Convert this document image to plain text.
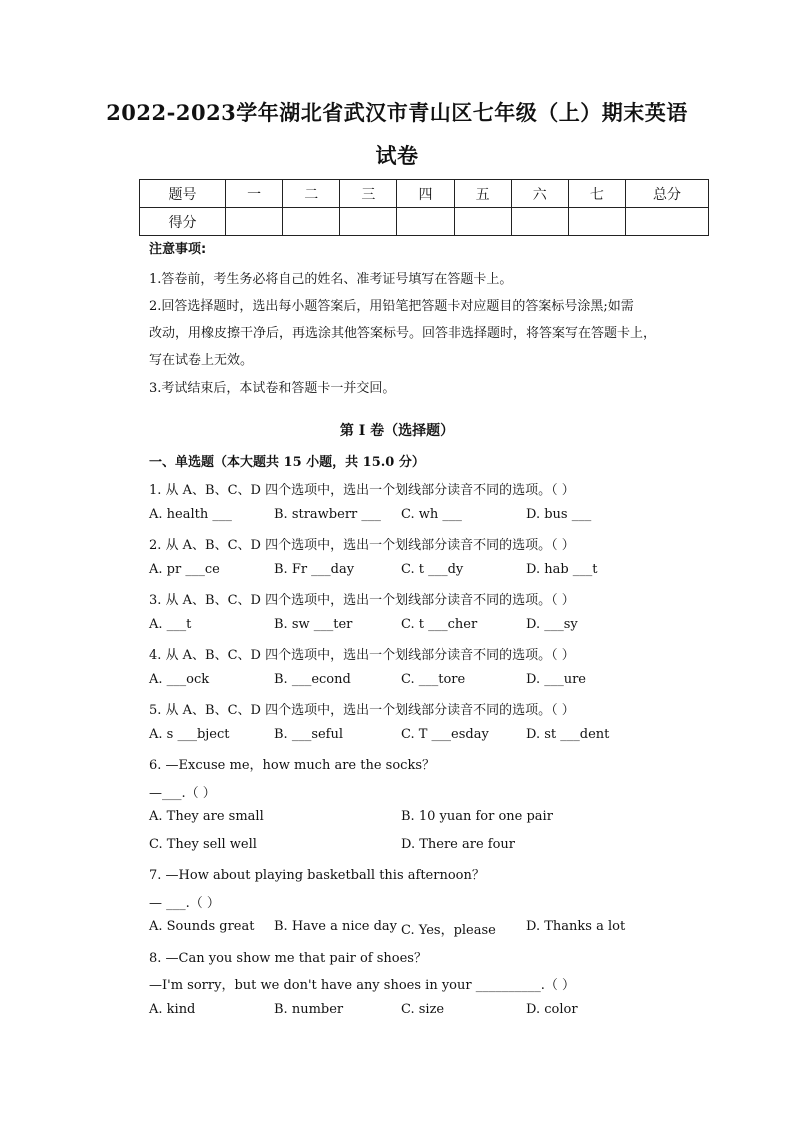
2022-2023学年湖北省武汉市青山区七年级（上）期末英语
试卷
题号	一	二	三	四	五	六	七	总分
得分								
注意事项:
1.答卷前，考生务必将自己的姓名、准考证号填写在答题卡上。
2.回答选择题时，选出每小题答案后，用铅笔把答题卡对应题目的答案标号涂黑;如需
改动，用橡皮擦干净后，再选涂其他答案标号。回答非选择题时，将答案写在答题卡上，
写在试卷上无效。
3.考试结束后，本试卷和答题卡一并交回。
第 I 卷（选择题）
一、单选题（本大题共 15 小题，共 15.0 分）
1. 从 A、B、C、D 四个选项中，选出一个划线部分读音不同的选项。（ ）
A. health ___	B. strawberr ___ C. wh ___	D. bus ___
2. 从 A、B、C、D 四个选项中，选出一个划线部分读音不同的选项。（ ）
A. pr ___ce	B. Fr ___day	C. t ___dy	D. hab ___t
3. 从 A、B、C、D 四个选项中，选出一个划线部分读音不同的选项。（ ）
A. ___t	B. sw ___ter	C. t ___cher	D. ___sy
4. 从 A、B、C、D 四个选项中，选出一个划线部分读音不同的选项。（ ）
A. ___ock	B. ___econd	C. ___tore	D. ___ure
5. 从 A、B、C、D 四个选项中，选出一个划线部分读音不同的选项。（ ）
A. s ___bject	B. ___seful	C. T ___esday	D. st ___dent
6. —Excuse me，how much are the socks？
—___.（ ）
A. They are small	B. 10 yuan for one pair
C. They sell well	D. There are four
7. —How about playing basketball this afternoon？
— ___.（ ）
A. Sounds great B. Have a nice day C. Yes，please D. Thanks a lot
8. —Can you show me that pair of shoes？
—I'm sorry，but we don't have any shoes in your __________.（ ）
A. kind	B. number	C. size	D. color
